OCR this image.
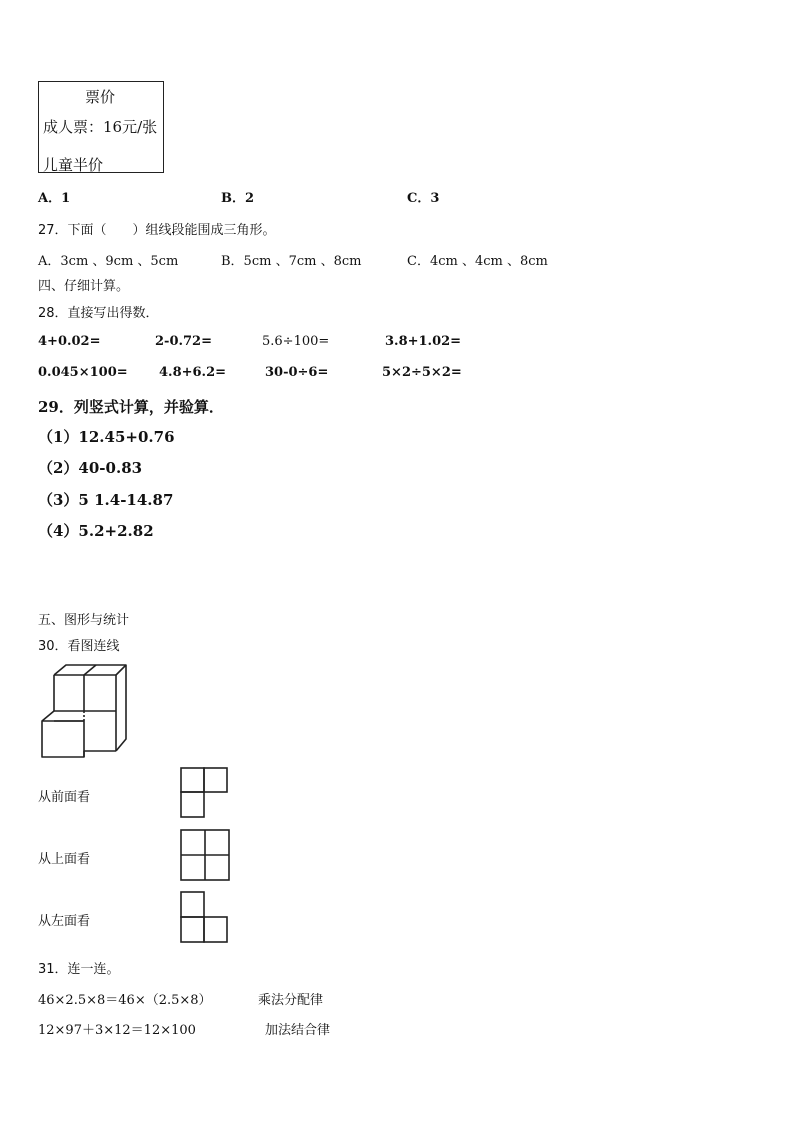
票价
成人票：16元/张
儿童半价
A．1	B．2	C．3
27．下面（　　）组线段能围成三角形。
A．3cm 、9cm 、5cm	B．5cm 、7cm 、8cm	C．4cm 、4cm 、8cm
四、仔细计算。
28．直接写出得数．
4+0.02=	2-0.72=	5.6÷100=	3.8+1.02=
0.045×100= 4.8+6.2=	30-0÷6=	5×2÷5×2=
29．列竖式计算，并验算．
（1）12.45+0.76
（2）40-0.83
（3）5 1.4-14.87
（4）5.2+2.82
五、图形与统计
30．看图连线
从前面看
从上面看
从左面看
31．连一连。
46×2.5×8＝46×（2.5×8）	乘法分配律
12×97＋3×12＝12×100	加法结合律
